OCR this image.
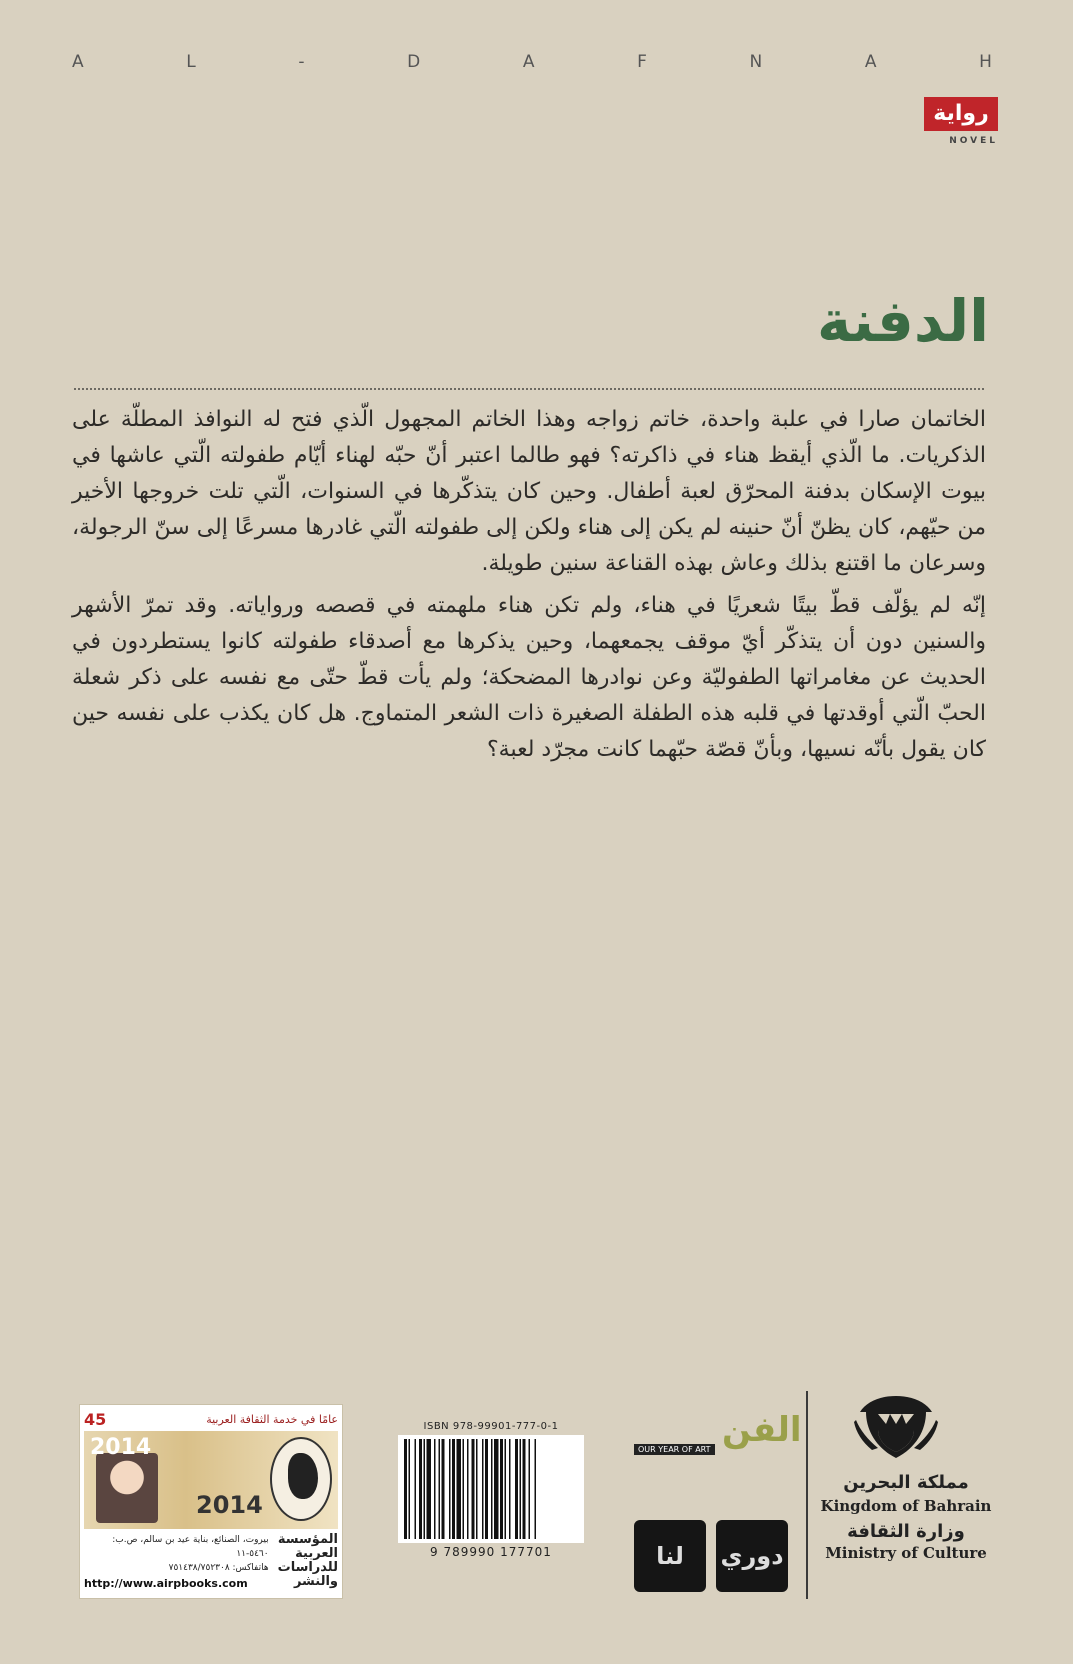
A	L	-	D	A	F	N	A	H
رواية
NOVEL
الدفنة

الخاتمان صارا في علبة واحدة، خاتم زواجه وهذا الخاتم المجهول الّذي فتح له النوافذ المطلّة على الذكريات. ما الّذي أيقظ هناء في ذاكرته؟ فهو طالما اعتبر أنّ حبّه لهناء أيّام طفولته الّتي عاشها في بيوت الإسكان بدفنة المحرّق لعبة أطفال. وحين كان يتذكّرها في السنوات، الّتي تلت خروجها الأخير من حيّهم، كان يظنّ أنّ حنينه لم يكن إلى هناء ولكن إلى طفولته الّتي غادرها مسرعًا إلى سنّ الرجولة، وسرعان ما اقتنع بذلك وعاش بهذه القناعة سنين طويلة.

إنّه لم يؤلّف قطّ بيتًا شعريًا في هناء، ولم تكن هناء ملهمته في قصصه ورواياته. وقد تمرّ الأشهر والسنين دون أن يتذكّر أيّ موقف يجمعهما، وحين يذكرها مع أصدقاء طفولته كانوا يستطردون في الحديث عن مغامراتها الطفوليّة وعن نوادرها المضحكة؛ ولم يأت قطّ حتّى مع نفسه على ذكر شعلة الحبّ الّتي أوقدتها في قلبه هذه الطفلة الصغيرة ذات الشعر المتماوج. هل كان يكذب على نفسه حين كان يقول بأنّه نسيها، وبأنّ قصّة حبّهما كانت مجرّد لعبة؟

عامًا في خدمة الثقافة العربية
45
2014
2014
المؤسسة العربية للدراسات والنشر
بيروت، الصنائع، بناية عيد بن سالم، ص.ب: ٥٤٦٠-١١
هاتفاكس: ٧٥١٤٣٨/٧٥٢٣٠٨
http://www.airpbooks.com
ISBN 978-99901-777-0-1
9 789990 177701
OUR YEAR OF ART الفن
لنا	دوري
مملكة البحرين
Kingdom of Bahrain
وزارة الثقافة
Ministry of Culture
